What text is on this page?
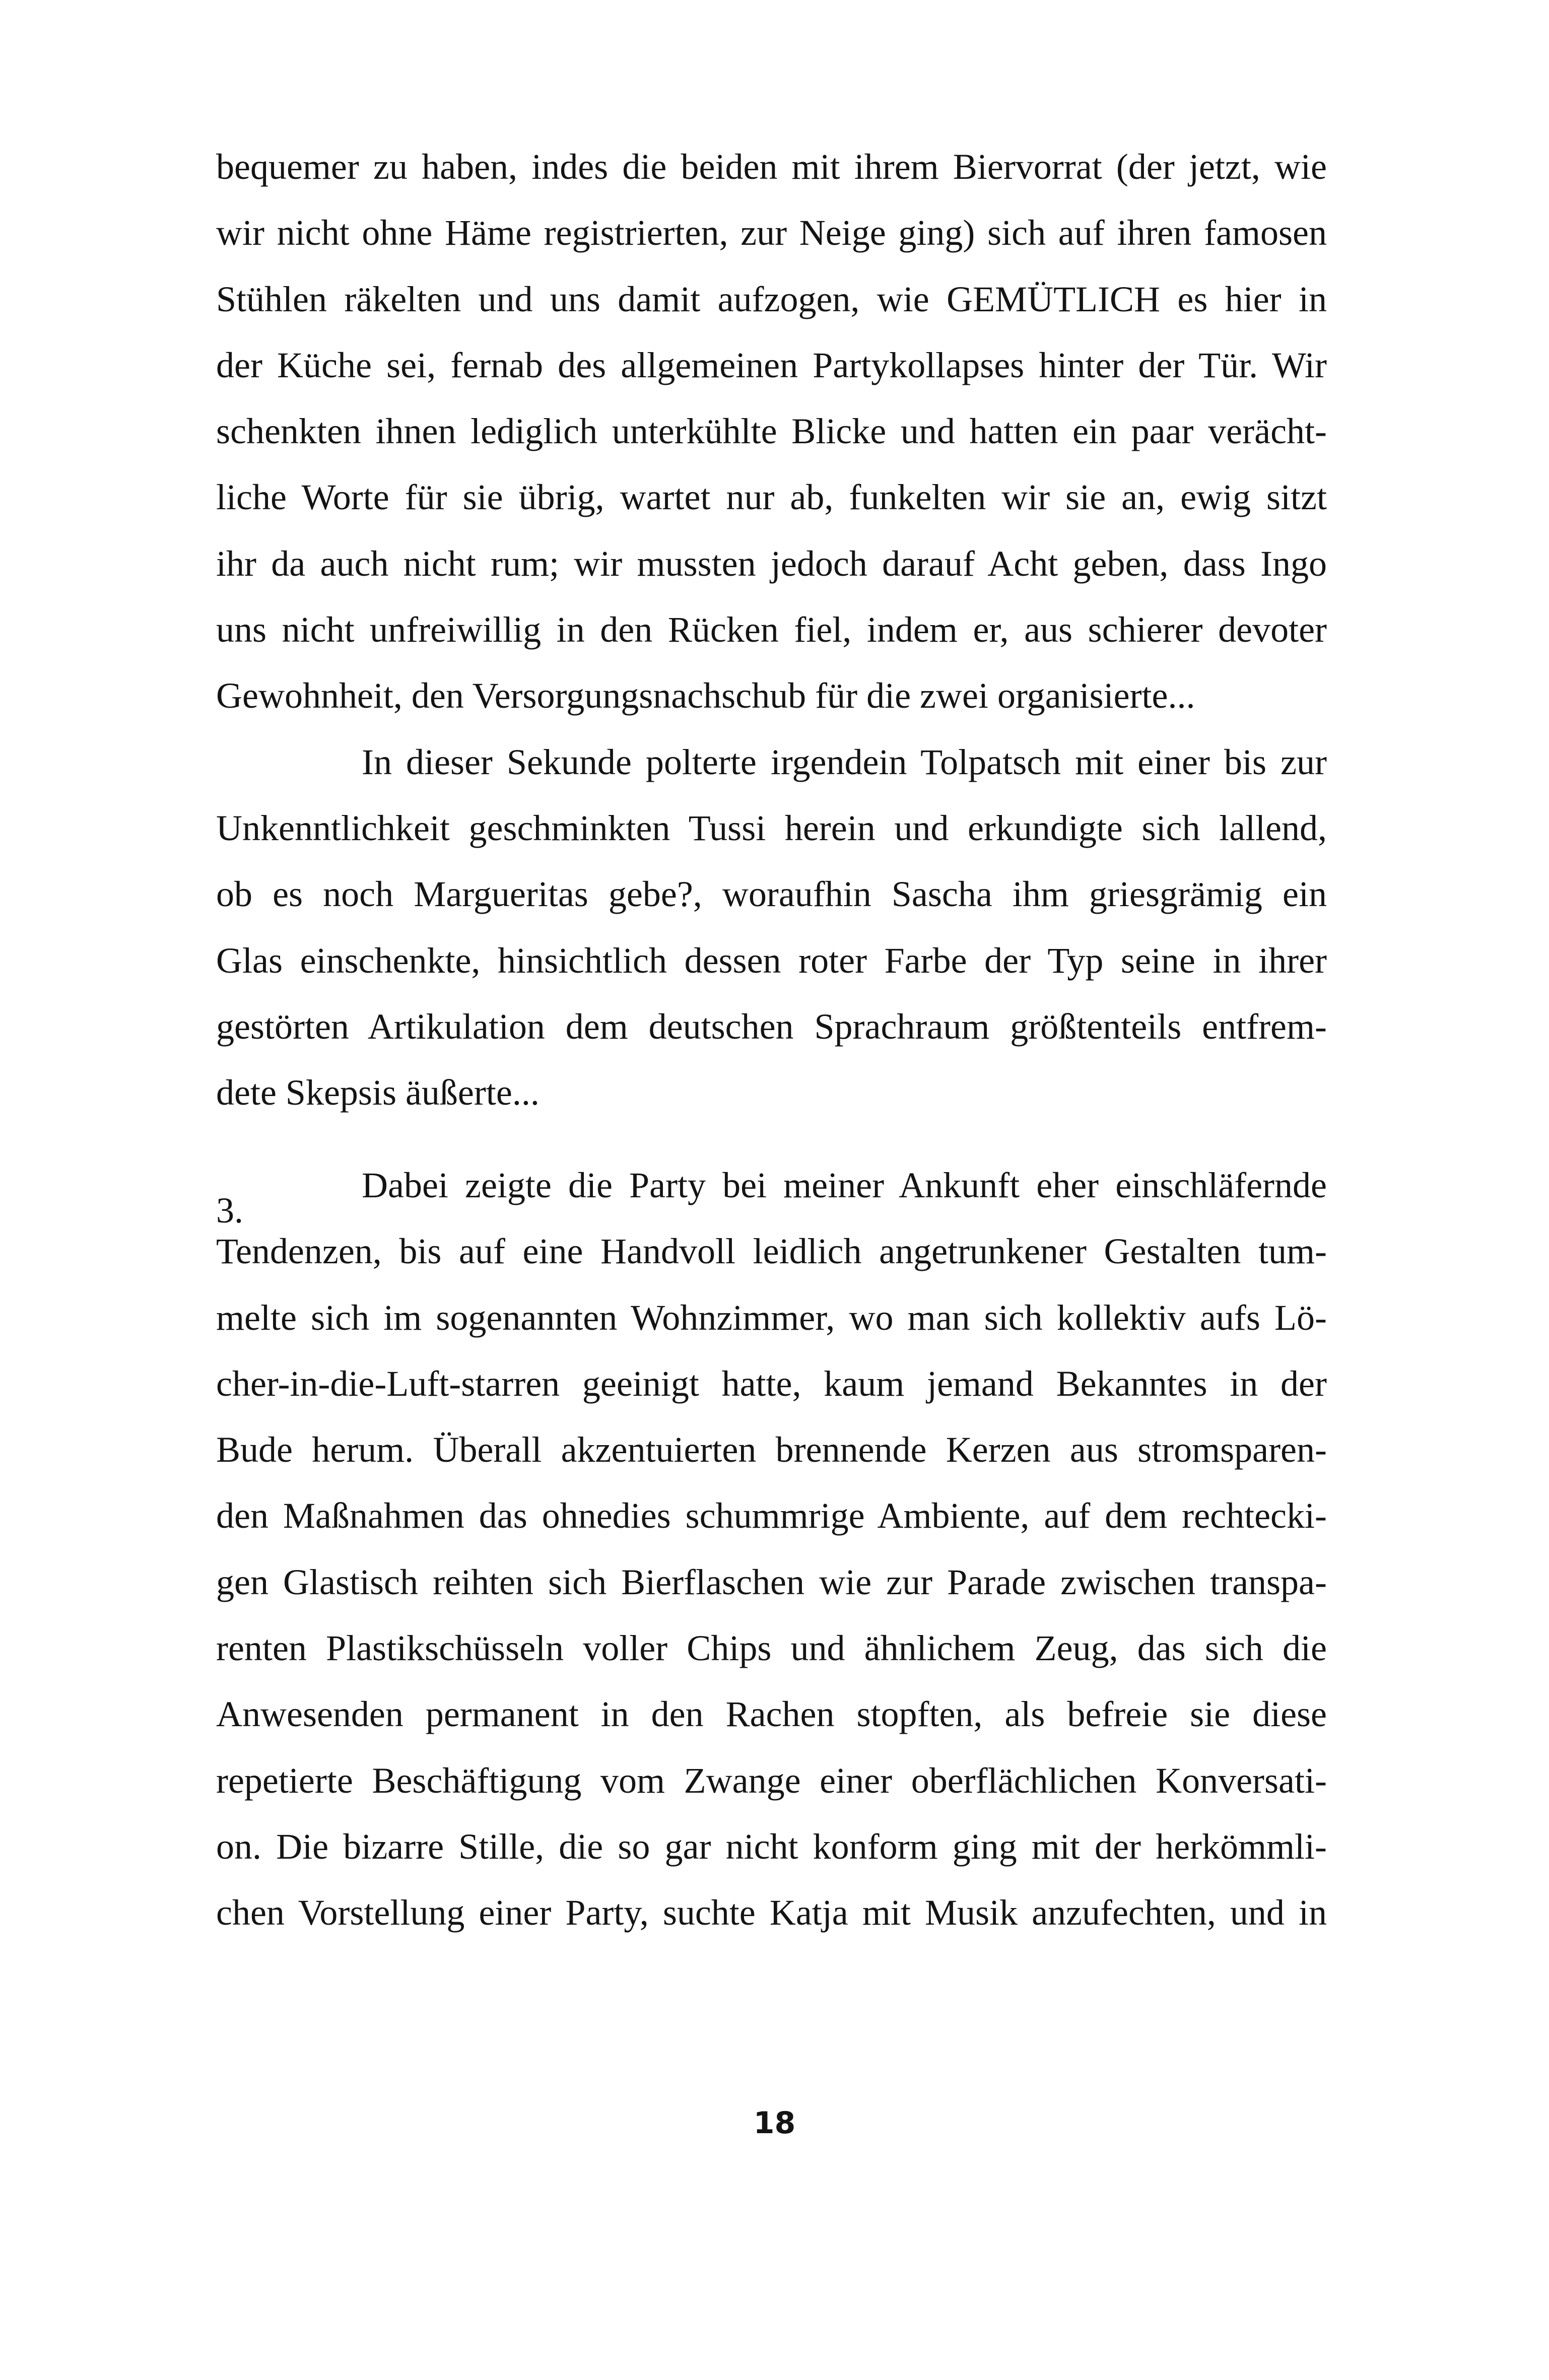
bequemer zu haben, indes die beiden mit ihrem Biervorrat (der jetzt, wie
wir nicht ohne Häme registrierten, zur Neige ging) sich auf ihren famosen
Stühlen räkelten und uns damit aufzogen, wie GEMÜTLICH es hier in
der Küche sei, fernab des allgemeinen Partykollapses hinter der Tür. Wir
schenkten ihnen lediglich unterkühlte Blicke und hatten ein paar verächt-
liche Worte für sie übrig, wartet nur ab, funkelten wir sie an, ewig sitzt
ihr da auch nicht rum; wir mussten jedoch darauf Acht geben, dass Ingo
uns nicht unfreiwillig in den Rücken fiel, indem er, aus schierer devoter
Gewohnheit, den Versorgungsnachschub für die zwei organisierte...
In dieser Sekunde polterte irgendein Tolpatsch mit einer bis zur
Unkenntlichkeit geschminkten Tussi herein und erkundigte sich lallend,
ob es noch Margueritas gebe?, woraufhin Sascha ihm griesgrämig ein
Glas einschenkte, hinsichtlich dessen roter Farbe der Typ seine in ihrer
gestörten Artikulation dem deutschen Sprachraum größtenteils entfrem-
dete Skepsis äußerte...
3.
Dabei zeigte die Party bei meiner Ankunft eher einschläfernde
Tendenzen, bis auf eine Handvoll leidlich angetrunkener Gestalten tum-
melte sich im sogenannten Wohnzimmer, wo man sich kollektiv aufs Lö-
cher-in-die-Luft-starren geeinigt hatte, kaum jemand Bekanntes in der
Bude herum. Überall akzentuierten brennende Kerzen aus stromsparen-
den Maßnahmen das ohnedies schummrige Ambiente, auf dem rechtecki-
gen Glastisch reihten sich Bierflaschen wie zur Parade zwischen transpa-
renten Plastikschüsseln voller Chips und ähnlichem Zeug, das sich die
Anwesenden permanent in den Rachen stopften, als befreie sie diese
repetierte Beschäftigung vom Zwange einer oberflächlichen Konversati-
on. Die bizarre Stille, die so gar nicht konform ging mit der herkömmli-
chen Vorstellung einer Party, suchte Katja mit Musik anzufechten, und in
18
